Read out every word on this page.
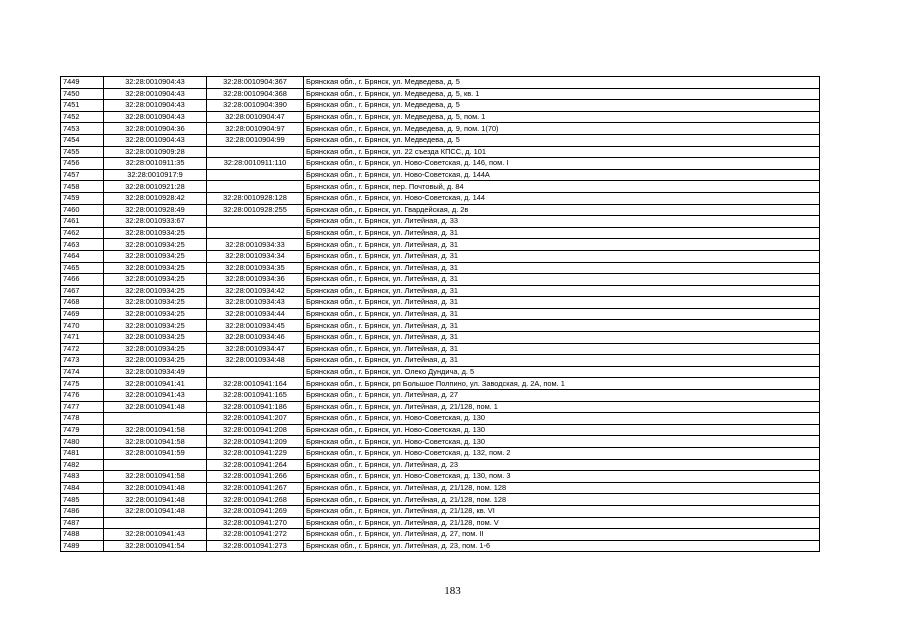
7449	32:28:0010904:43	32:28:0010904:367	Брянская обл., г. Брянск, ул. Медведева, д. 5
7450	32:28:0010904:43	32:28:0010904:368	Брянская обл., г. Брянск, ул. Медведева, д. 5, кв. 1
7451	32:28:0010904:43	32:28:0010904:390	Брянская обл., г. Брянск, ул. Медведева, д. 5
7452	32:28:0010904:43	32:28:0010904:47	Брянская обл., г. Брянск, ул. Медведева, д. 5, пом. 1
7453	32:28:0010904:36	32:28:0010904:97	Брянская обл., г. Брянск, ул. Медведева, д. 9, пом. 1(70)
7454	32:28:0010904:43	32:28:0010904:99	Брянская обл., г. Брянск, ул. Медведева, д. 5
7455	32:28:0010909:28		Брянская обл., г. Брянск, ул. 22 съезда КПСС, д. 101
7456	32:28:0010911:35	32:28:0010911:110	Брянская обл., г. Брянск, ул. Ново-Советская, д. 146, пом. I
7457	32:28:0010917:9		Брянская обл., г. Брянск, ул. Ново-Советская, д. 144А
7458	32:28:0010921:28		Брянская обл., г. Брянск, пер. Почтовый, д. 84
7459	32:28:0010928:42	32:28:0010928:128	Брянская обл., г. Брянск, ул. Ново-Советская, д. 144
7460	32:28:0010928:49	32:28:0010928:255	Брянская обл., г. Брянск, ул. Гвардейская, д. 2в
7461	32:28:0010933:67		Брянская обл., г. Брянск, ул. Литейная, д. 33
7462	32:28:0010934:25		Брянская обл., г. Брянск, ул. Литейная, д. 31
7463	32:28:0010934:25	32:28:0010934:33	Брянская обл., г. Брянск, ул. Литейная, д. 31
7464	32:28:0010934:25	32:28:0010934:34	Брянская обл., г. Брянск, ул. Литейная, д. 31
7465	32:28:0010934:25	32:28:0010934:35	Брянская обл., г. Брянск, ул. Литейная, д. 31
7466	32:28:0010934:25	32:28:0010934:36	Брянская обл., г. Брянск, ул. Литейная, д. 31
7467	32:28:0010934:25	32:28:0010934:42	Брянская обл., г. Брянск, ул. Литейная, д. 31
7468	32:28:0010934:25	32:28:0010934:43	Брянская обл., г. Брянск, ул. Литейная, д. 31
7469	32:28:0010934:25	32:28:0010934:44	Брянская обл., г. Брянск, ул. Литейная, д. 31
7470	32:28:0010934:25	32:28:0010934:45	Брянская обл., г. Брянск, ул. Литейная, д. 31
7471	32:28:0010934:25	32:28:0010934:46	Брянская обл., г. Брянск, ул. Литейная, д. 31
7472	32:28:0010934:25	32:28:0010934:47	Брянская обл., г. Брянск, ул. Литейная, д. 31
7473	32:28:0010934:25	32:28:0010934:48	Брянская обл., г. Брянск, ул. Литейная, д. 31
7474	32:28:0010934:49		Брянская обл., г. Брянск, ул. Олеко Дундича, д. 5
7475	32:28:0010941:41	32:28:0010941:164	Брянская обл., г. Брянск, рп Большое Полпино, ул. Заводская, д. 2А, пом. 1
7476	32:28:0010941:43	32:28:0010941:165	Брянская обл., г. Брянск, ул. Литейная, д. 27
7477	32:28:0010941:48	32:28:0010941:186	Брянская обл., г. Брянск, ул. Литейная, д. 21/128, пом. 1
7478		32:28:0010941:207	Брянская обл., г. Брянск, ул. Ново-Советская, д. 130
7479	32:28:0010941:58	32:28:0010941:208	Брянская обл., г. Брянск, ул. Ново-Советская, д. 130
7480	32:28:0010941:58	32:28:0010941:209	Брянская обл., г. Брянск, ул. Ново-Советская, д. 130
7481	32:28:0010941:59	32:28:0010941:229	Брянская обл., г. Брянск, ул. Ново-Советская, д. 132, пом. 2
7482		32:28:0010941:264	Брянская обл., г. Брянск, ул. Литейная, д. 23
7483	32:28:0010941:58	32:28:0010941:266	Брянская обл., г. Брянск, ул. Ново-Советская, д. 130, пом. 3
7484	32:28:0010941:48	32:28:0010941:267	Брянская обл., г. Брянск, ул. Литейная, д. 21/128, пом. 128
7485	32:28:0010941:48	32:28:0010941:268	Брянская обл., г. Брянск, ул. Литейная, д. 21/128, пом. 128
7486	32:28:0010941:48	32:28:0010941:269	Брянская обл., г. Брянск, ул. Литейная, д. 21/128, кв. VI
7487		32:28:0010941:270	Брянская обл., г. Брянск, ул. Литейная, д. 21/128, пом. V
7488	32:28:0010941:43	32:28:0010941:272	Брянская обл., г. Брянск, ул. Литейная, д. 27, пом. II
7489	32:28:0010941:54	32:28:0010941:273	Брянская обл., г. Брянск, ул. Литейная, д. 23, пом. 1-6
183
